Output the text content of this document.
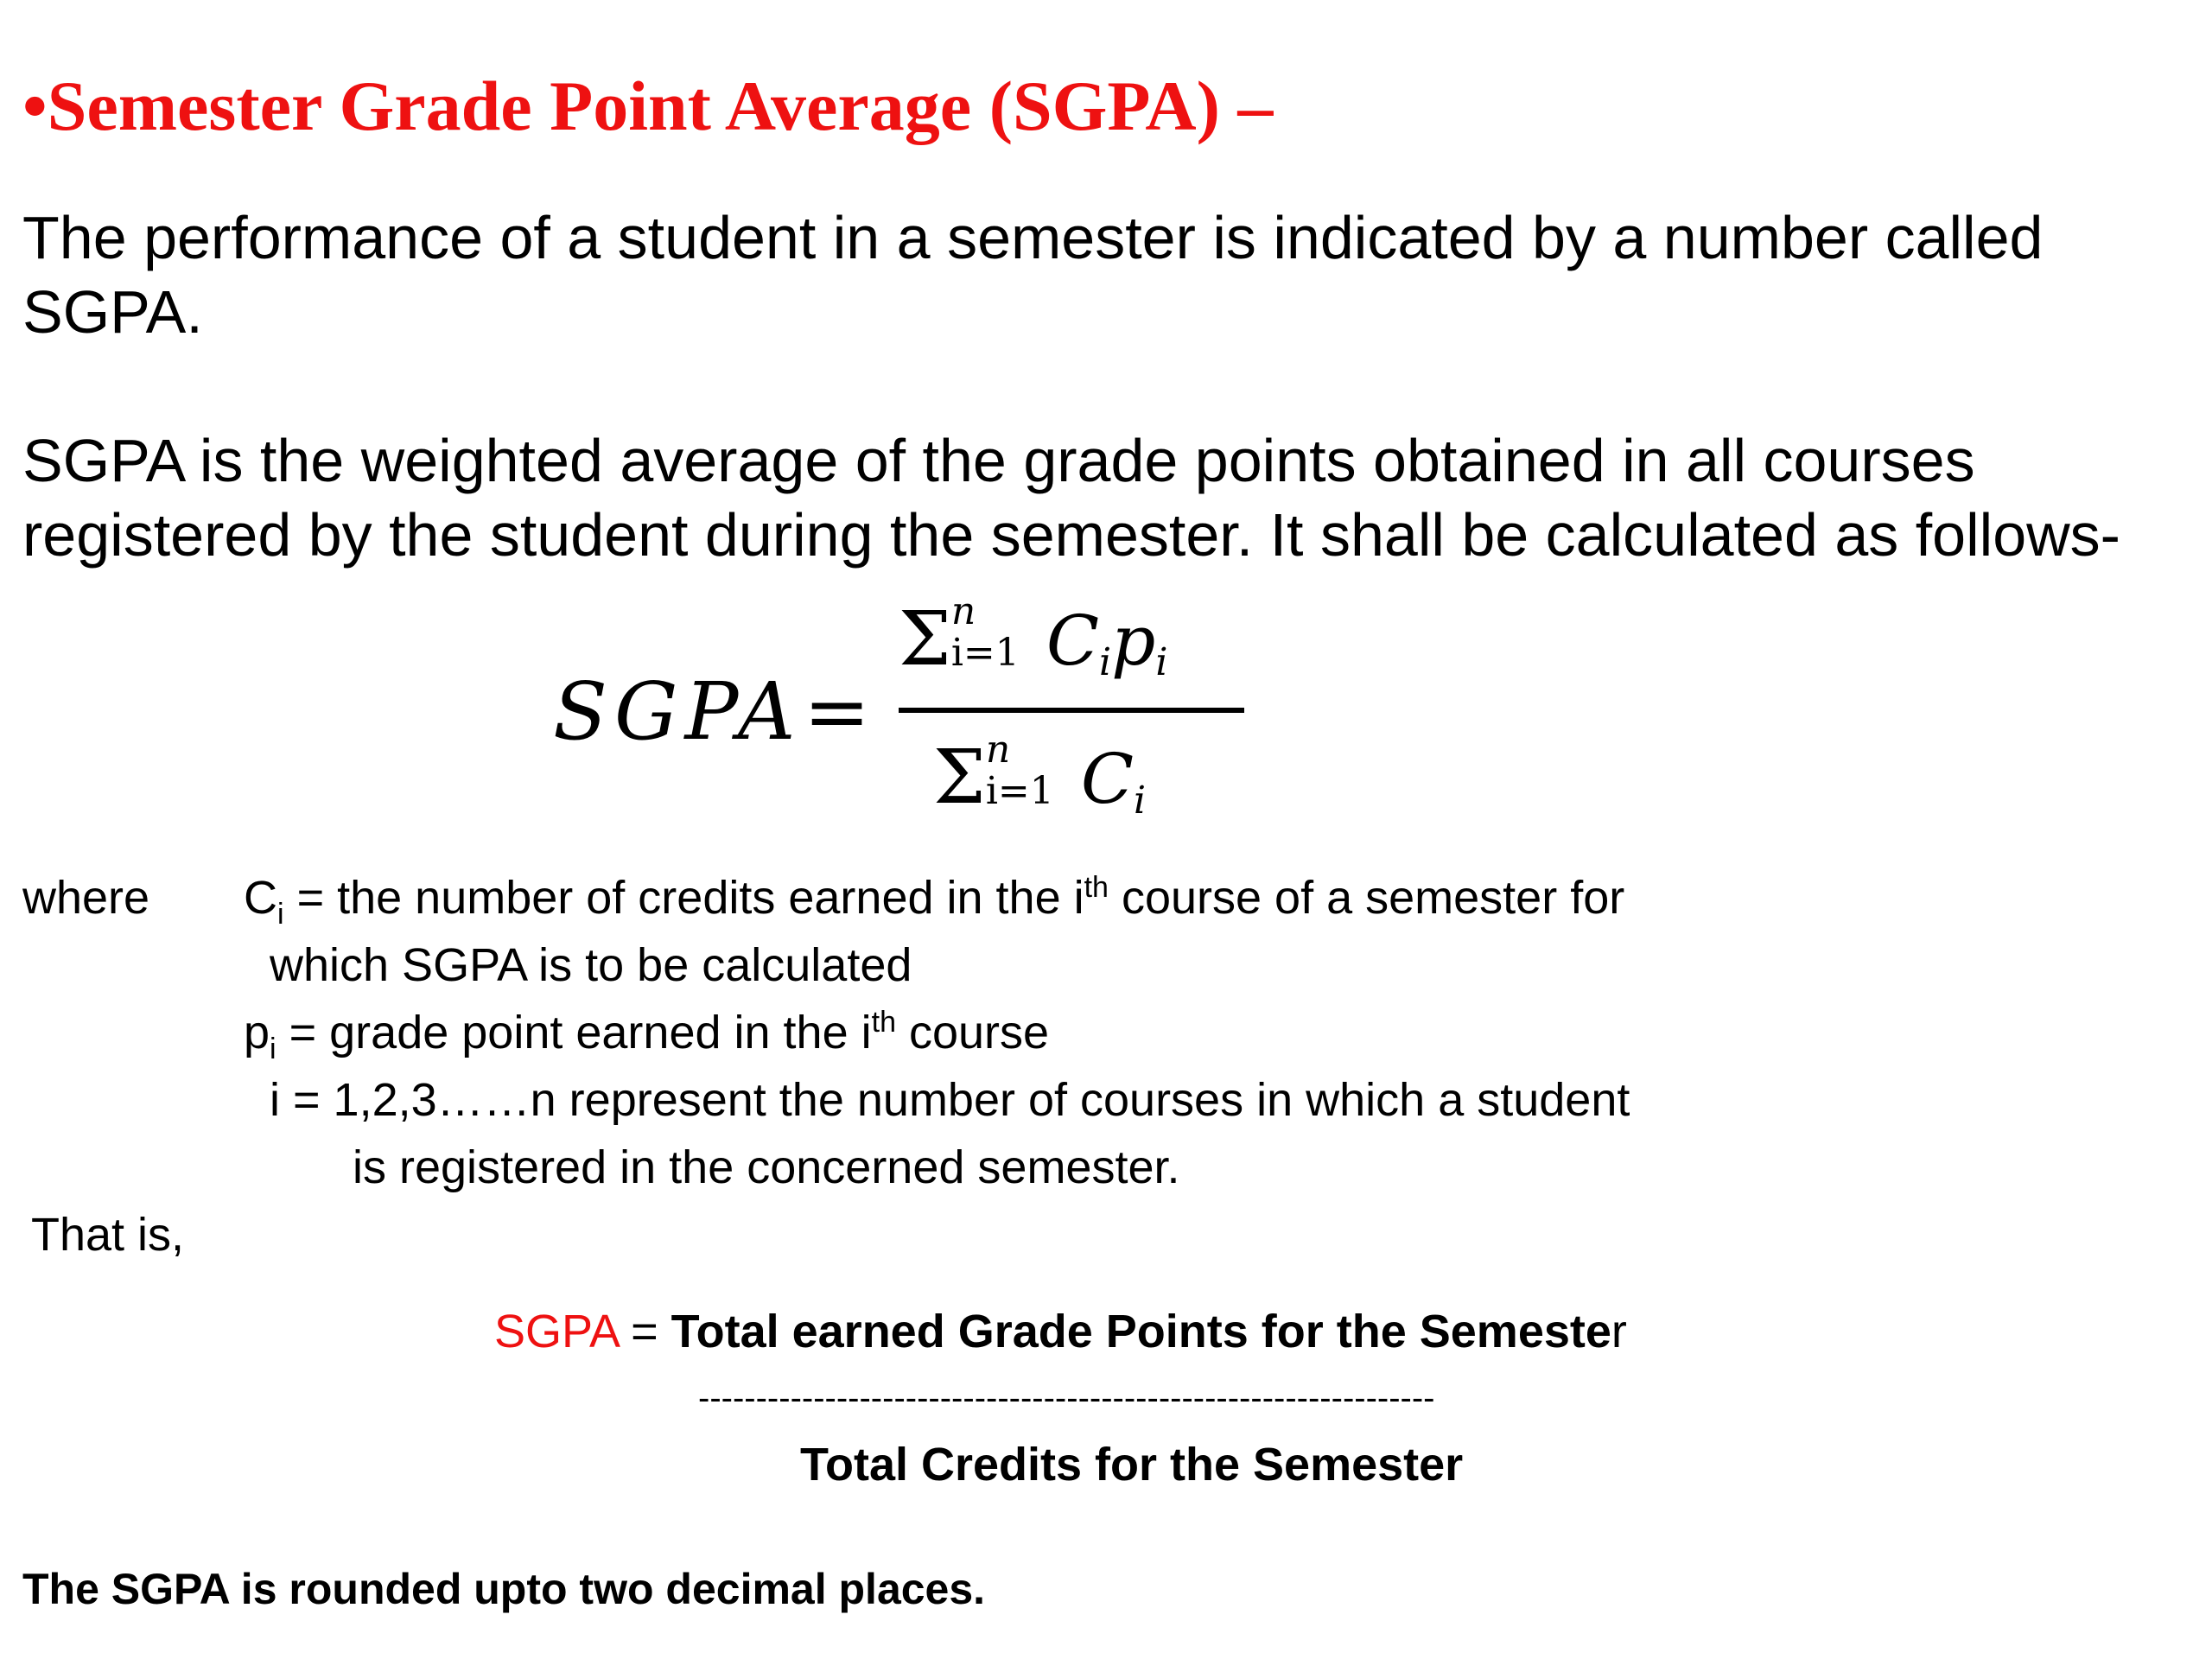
•Semester Grade Point Average (SGPA) –
The performance of a student in a semester is indicated by a number called SGPA.
SGPA is the weighted average of the grade points obtained in all courses registered by the student during the semester. It shall be calculated as follows-
SGPA =
Σ n
i=1 $C_ip_i$
Σ n
i=1 $C_i$
where $C_i$ = the number of credits earned in the $i^{th}$ course of a semester for
which SGPA is to be calculated
$p_i$ = grade point earned in the $i^{th}$ course
i = 1,2,3……n represent the number of courses in which a student
is registered in the concerned semester.
That is,
SGPA = Total earned Grade Points for the Semester
----------------------------------------------------------------
Total Credits for the Semester
The SGPA is rounded upto two decimal places.
